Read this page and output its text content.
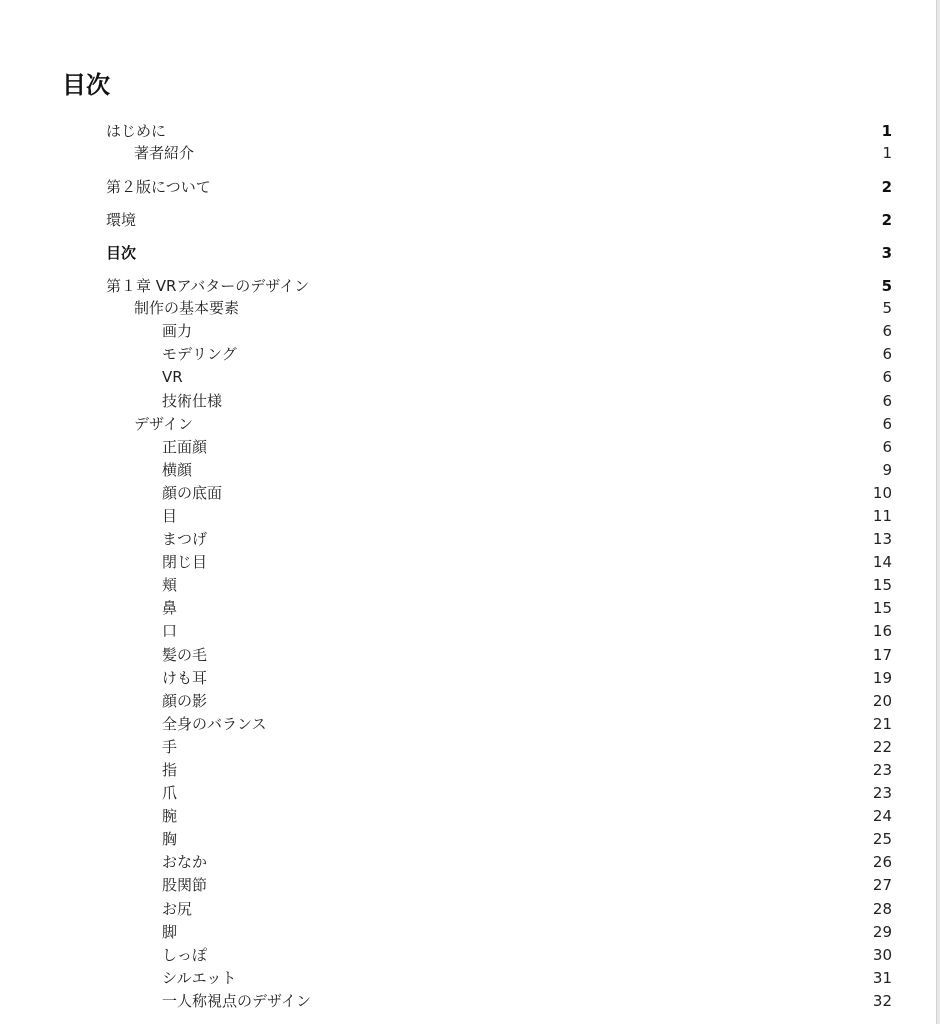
目次
はじめに	1
著者紹介	1
第２版について	2
環境	2
目次	3
第１章 VRアバターのデザイン	5
制作の基本要素	5
画力	6
モデリング	6
VR	6
技術仕様	6
デザイン	6
正面顔	6
横顔	9
顔の底面	10
目	11
まつげ	13
閉じ目	14
頬	15
鼻	15
口	16
髪の毛	17
けも耳	19
顔の影	20
全身のバランス	21
手	22
指	23
爪	23
腕	24
胸	25
おなか	26
股関節	27
お尻	28
脚	29
しっぽ	30
シルエット	31
一人称視点のデザイン	32
